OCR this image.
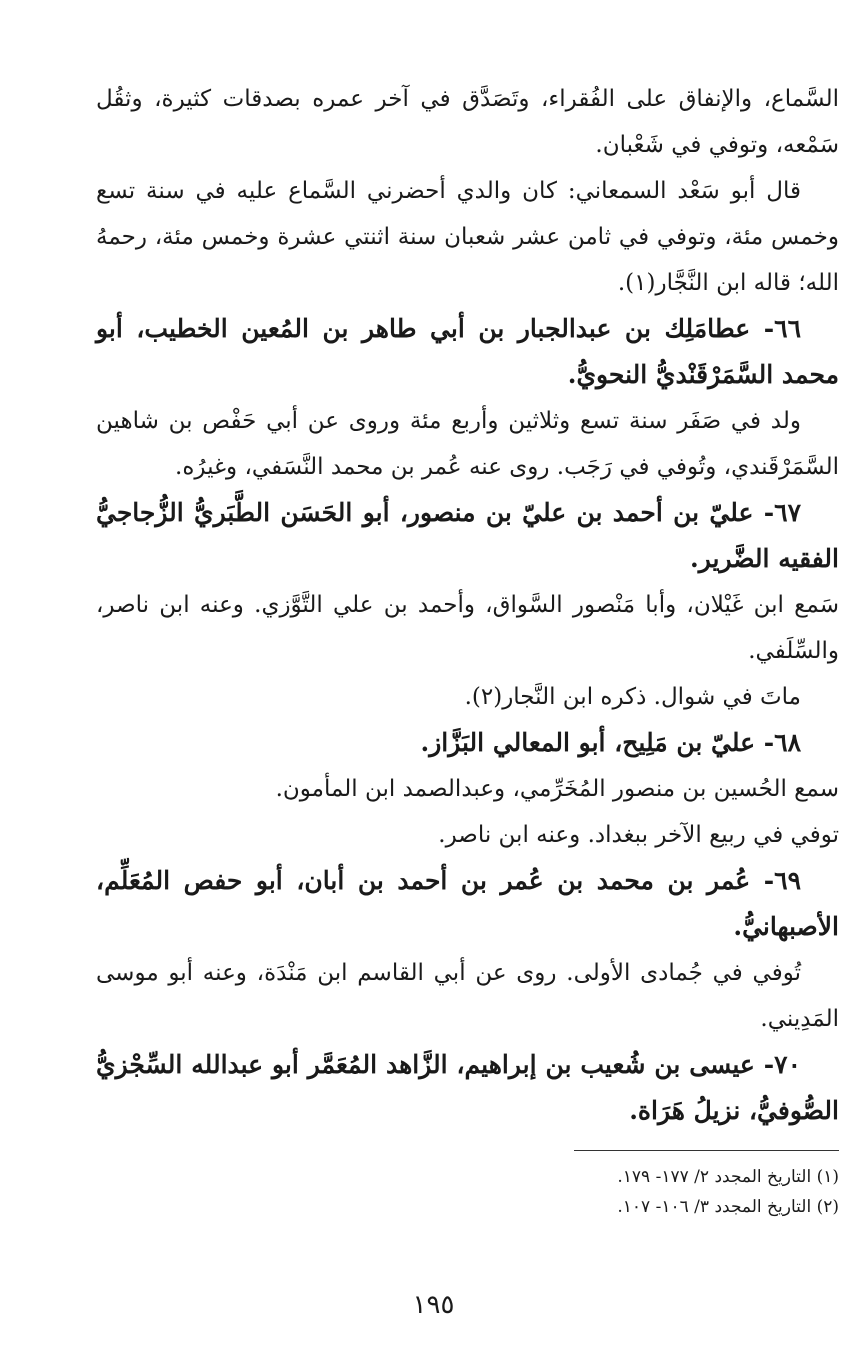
السَّماع، والإنفاق على الفُقراء، وتَصَدَّق في آخر عمره بصدقات كثيرة، وثقُل سَمْعه، وتوفي في شَعْبان.

قال أبو سَعْد السمعاني: كان والدي أحضرني السَّماع عليه في سنة تسع وخمس مئة، وتوفي في ثامن عشر شعبان سنة اثنتي عشرة وخمس مئة، رحمهُ الله؛ قاله ابن النَّجَّار(١).

٦٦- عطامَلِك بن عبدالجبار بن أبي طاهر بن المُعين الخطيب، أبو محمد السَّمَرْقَنْديُّ النحويُّ.

ولد في صَفَر سنة تسع وثلاثين وأربع مئة وروى عن أبي حَفْص بن شاهين السَّمَرْقَندي، وتُوفي في رَجَب. روى عنه عُمر بن محمد النَّسَفي، وغيرُه.

٦٧- عليّ بن أحمد بن عليّ بن منصور، أبو الحَسَن الطَّبَريُّ الزُّجاجيُّ الفقيه الضَّرير.

سَمع ابن غَيْلان، وأبا مَنْصور السَّواق، وأحمد بن علي التَّوَّزي. وعنه ابن ناصر، والسِّلَفي.

ماتَ في شوال. ذكره ابن النَّجار(٢).

٦٨- عليّ بن مَلِيح، أبو المعالي البَزَّاز.

سمع الحُسين بن منصور المُخَرِّمي، وعبدالصمد ابن المأمون.

توفي في ربيع الآخر ببغداد. وعنه ابن ناصر.

٦٩- عُمر بن محمد بن عُمر بن أحمد بن أبان، أبو حفص المُعَلِّم، الأصبهانيُّ.

تُوفي في جُمادى الأولى. روى عن أبي القاسم ابن مَنْدَة، وعنه أبو موسى المَدِيني.

٧٠- عيسى بن شُعيب بن إبراهيم، الزَّاهد المُعَمَّر أبو عبدالله السِّجْزيُّ الصُّوفيُّ، نزيلُ هَرَاة.

(١) التاريخ المجدد ٢/ ١٧٧- ١٧٩.

(٢) التاريخ المجدد ٣/ ١٠٦- ١٠٧.

١٩٥
